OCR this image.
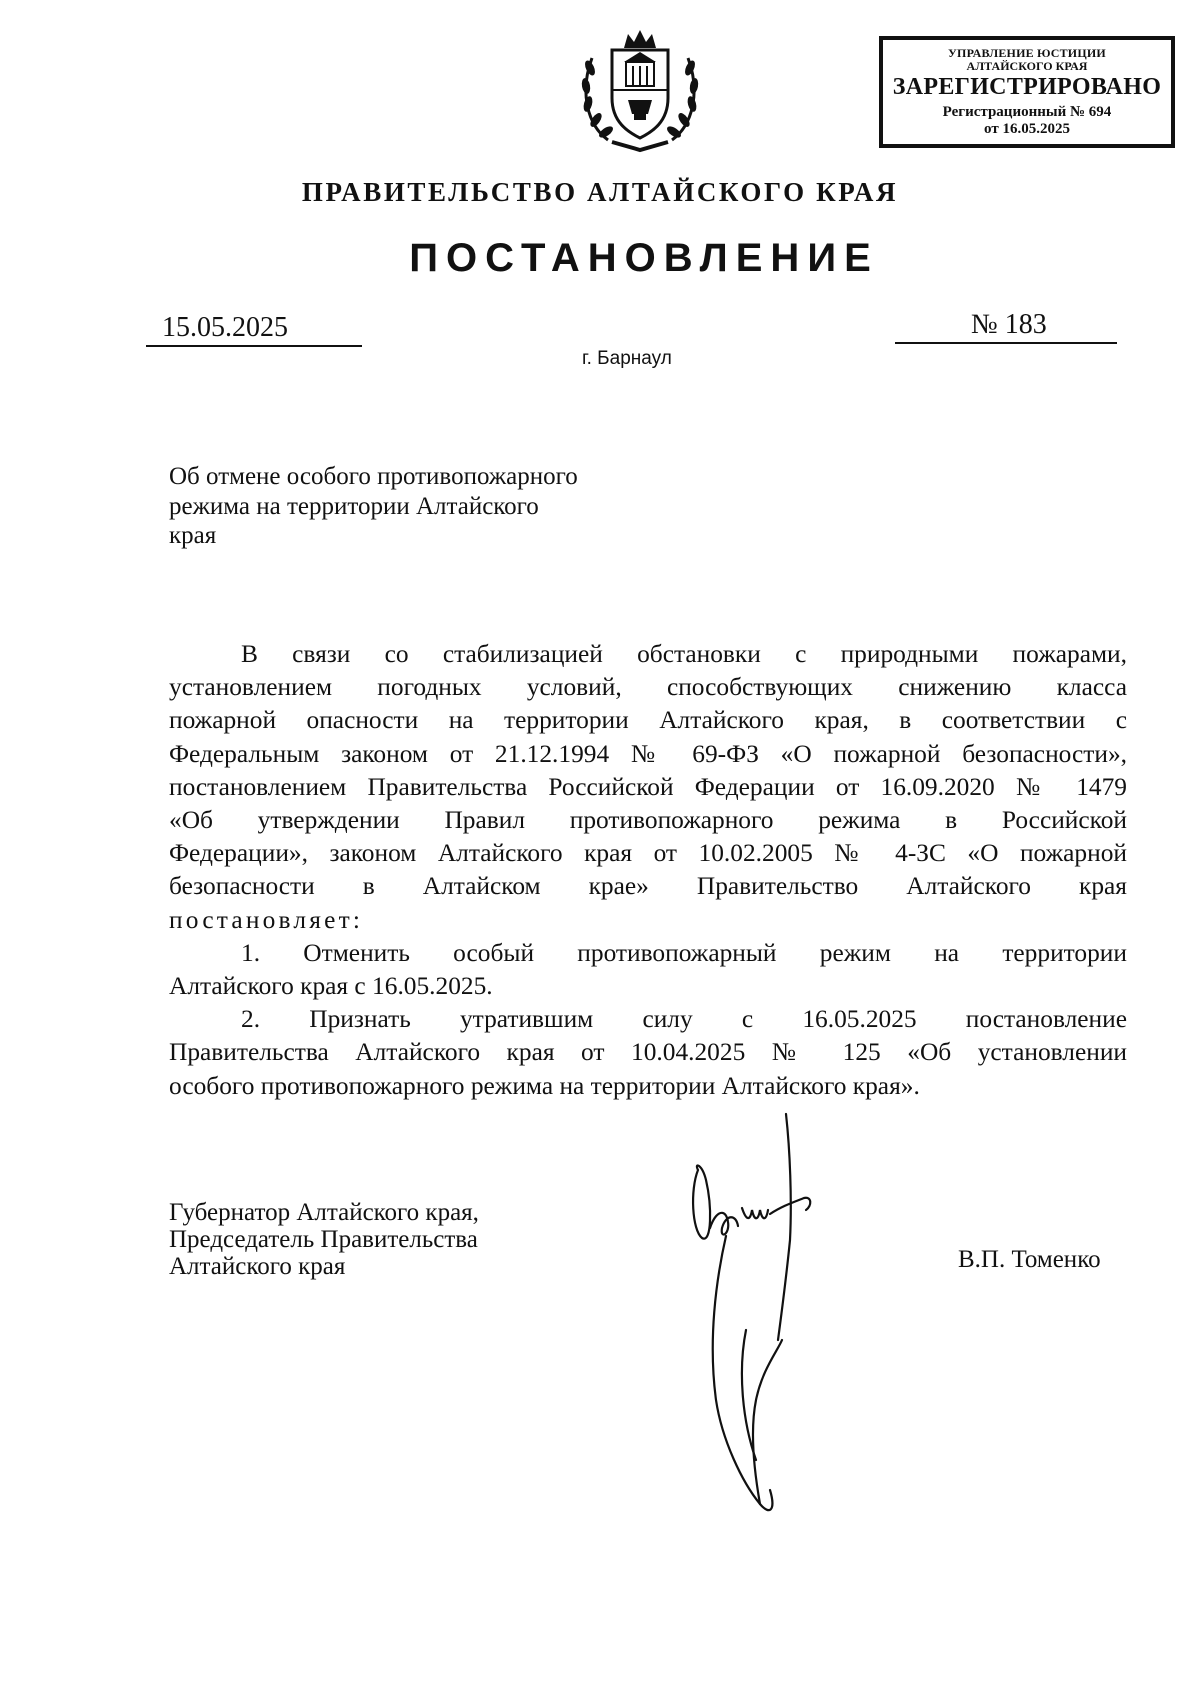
УПРАВЛЕНИЕ ЮСТИЦИИ
АЛТАЙСКОГО КРАЯ
ЗАРЕГИСТРИРОВАНО
Регистрационный № 694
от 16.05.2025
ПРАВИТЕЛЬСТВО АЛТАЙСКОГО КРАЯ
ПОСТАНОВЛЕНИЕ
15.05.2025	№ 183
г. Барнаул
Об отмене особого противопожарного
режима на территории Алтайского
края
В связи со стабилизацией обстановки с природными пожарами,
установлением погодных условий, способствующих снижению класса
пожарной опасности на территории Алтайского края, в соответствии с
Федеральным законом от 21.12.1994 № 69-ФЗ «О пожарной безопасности»,
постановлением Правительства Российской Федерации от 16.09.2020 № 1479
«Об утверждении Правил противопожарного режима в Российской
Федерации», законом Алтайского края от 10.02.2005 № 4-ЗС «О пожарной
безопасности в Алтайском крае» Правительство Алтайского края
постановляет:
1. Отменить особый противопожарный режим на территории
Алтайского края с 16.05.2025.
2. Признать утратившим силу с 16.05.2025 постановление
Правительства Алтайского края от 10.04.2025 № 125 «Об установлении
особого противопожарного режима на территории Алтайского края».
Губернатор Алтайского края,
Председатель Правительства
Алтайского края	В.П. Томенко
